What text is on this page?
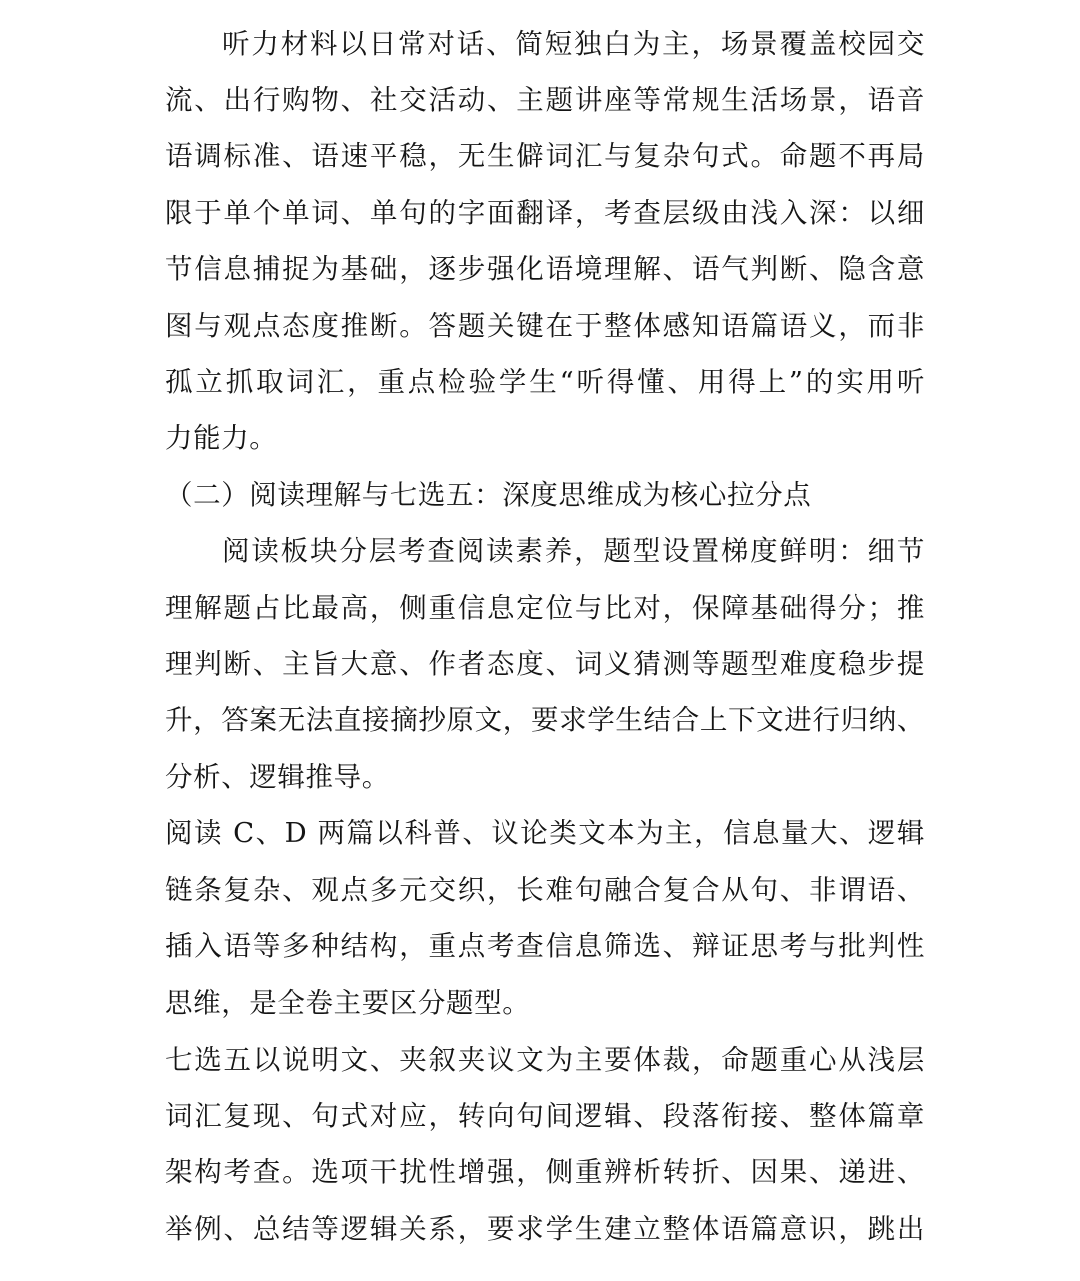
听力材料以日常对话、简短独白为主，场景覆盖校园交
流、出行购物、社交活动、主题讲座等常规生活场景，语音
语调标准、语速平稳，无生僻词汇与复杂句式。命题不再局
限于单个单词、单句的字面翻译，考查层级由浅入深：以细
节信息捕捉为基础，逐步强化语境理解、语气判断、隐含意
图与观点态度推断。答题关键在于整体感知语篇语义，而非
孤立抓取词汇，重点检验学生“听得懂、用得上”的实用听
力能力。
（二）阅读理解与七选五：深度思维成为核心拉分点
阅读板块分层考查阅读素养，题型设置梯度鲜明：细节
理解题占比最高，侧重信息定位与比对，保障基础得分；推
理判断、主旨大意、作者态度、词义猜测等题型难度稳步提
升，答案无法直接摘抄原文，要求学生结合上下文进行归纳、
分析、逻辑推导。
阅读 C、D 两篇以科普、议论类文本为主，信息量大、逻辑
链条复杂、观点多元交织，长难句融合复合从句、非谓语、
插入语等多种结构，重点考查信息筛选、辩证思考与批判性
思维，是全卷主要区分题型。
七选五以说明文、夹叙夹议文为主要体裁，命题重心从浅层
词汇复现、句式对应，转向句间逻辑、段落衔接、整体篇章
架构考查。选项干扰性增强，侧重辨析转折、因果、递进、
举例、总结等逻辑关系，要求学生建立整体语篇意识，跳出
